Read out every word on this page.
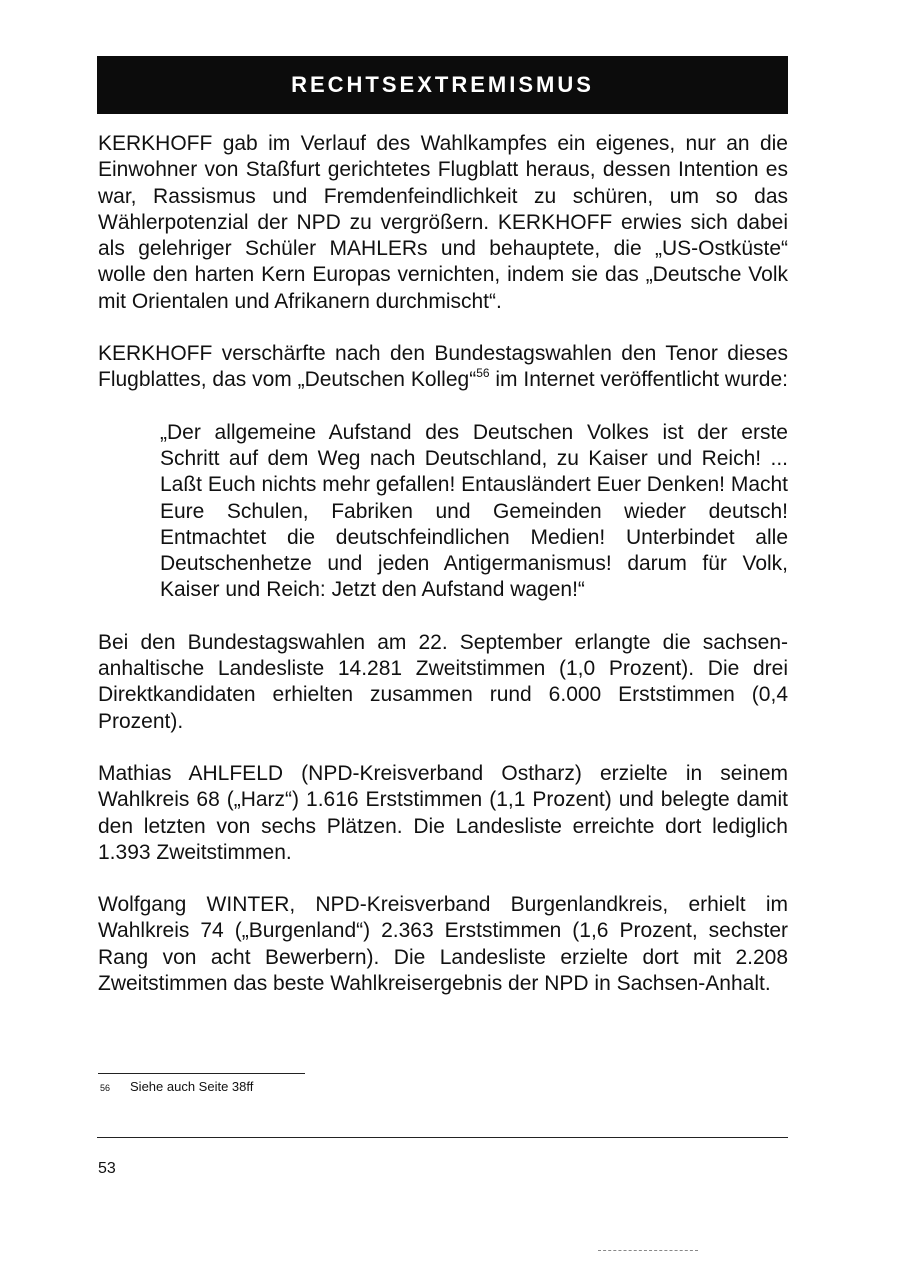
RECHTSEXTREMISMUS

KERKHOFF gab im Verlauf des Wahlkampfes ein eigenes, nur an die Einwohner von Staßfurt gerichtetes Flugblatt heraus, dessen Intention es war, Rassismus und Fremdenfeindlichkeit zu schüren, um so das Wählerpotenzial der NPD zu vergrößern. KERKHOFF erwies sich dabei als gelehriger Schüler MAHLERs und behauptete, die „US-Ostküste“ wolle den harten Kern Europas vernichten, indem sie das „Deutsche Volk mit Orientalen und Afrikanern durchmischt“.

KERKHOFF verschärfte nach den Bundestagswahlen den Tenor dieses Flugblattes, das vom „Deutschen Kolleg“$^{56}$ im Internet veröffentlicht wurde:

„Der allgemeine Aufstand des Deutschen Volkes ist der erste Schritt auf dem Weg nach Deutschland, zu Kaiser und Reich! ... Laßt Euch nichts mehr gefallen! Entausländert Euer Denken! Macht Eure Schulen, Fabriken und Gemeinden wieder deutsch! Entmachtet die deutschfeindlichen Medien! Unterbindet alle Deutschenhetze und jeden Antigermanismus! darum für Volk, Kaiser und Reich: Jetzt den Aufstand wagen!“

Bei den Bundestagswahlen am 22. September erlangte die sachsen-anhaltische Landesliste 14.281 Zweitstimmen (1,0 Prozent). Die drei Direktkandidaten erhielten zusammen rund 6.000 Erststimmen (0,4 Prozent).

Mathias AHLFELD (NPD-Kreisverband Ostharz) erzielte in seinem Wahlkreis 68 („Harz“) 1.616 Erststimmen (1,1 Prozent) und belegte damit den letzten von sechs Plätzen. Die Landesliste erreichte dort lediglich 1.393 Zweitstimmen.

Wolfgang WINTER, NPD-Kreisverband Burgenlandkreis, erhielt im Wahlkreis 74 („Burgenland“) 2.363 Erststimmen (1,6 Prozent, sechster Rang von acht Bewerbern). Die Landesliste erzielte dort mit 2.208 Zweitstimmen das beste Wahlkreisergebnis der NPD in Sachsen-Anhalt.

56 Siehe auch Seite 38ff
53
